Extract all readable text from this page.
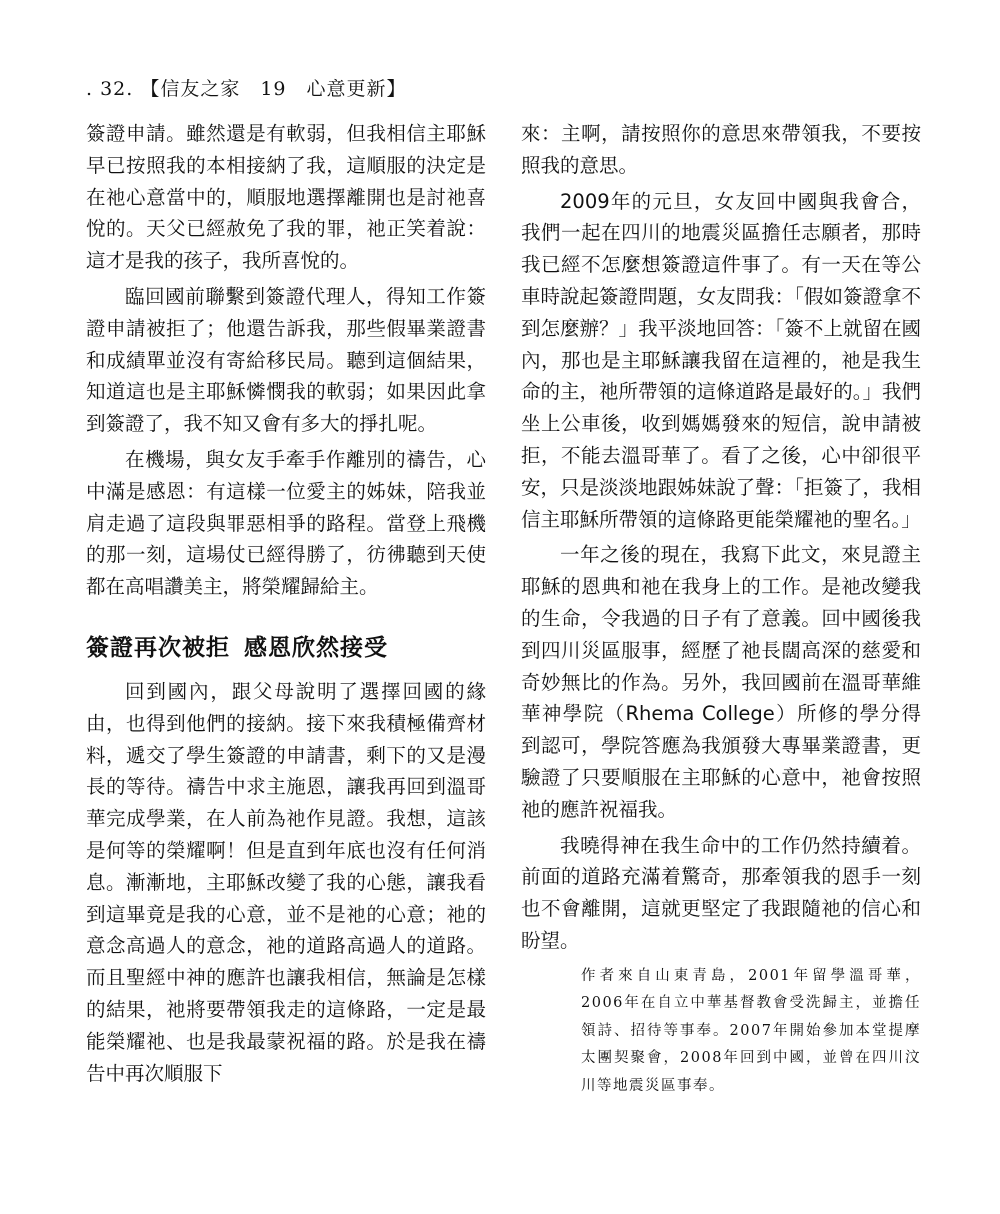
. 32. 【信友之家　19　心意更新】

簽證申請。雖然還是有軟弱，但我相信主耶穌早已按照我的本相接納了我，這順服的決定是在祂心意當中的，順服地選擇離開也是討祂喜悅的。天父已經赦免了我的罪，祂正笑着說：這才是我的孩子，我所喜悅的。

臨回國前聯繫到簽證代理人，得知工作簽證申請被拒了；他還告訴我，那些假畢業證書和成績單並沒有寄給移民局。聽到這個結果，知道這也是主耶穌憐憫我的軟弱；如果因此拿到簽證了，我不知又會有多大的掙扎呢。

在機場，與女友手牽手作離別的禱告，心中滿是感恩：有這樣一位愛主的姊妹，陪我並肩走過了這段與罪惡相爭的路程。當登上飛機的那一刻，這場仗已經得勝了，彷彿聽到天使都在高唱讚美主，將榮耀歸給主。

簽證再次被拒 感恩欣然接受

回到國內，跟父母說明了選擇回國的緣由，也得到他們的接納。接下來我積極備齊材料，遞交了學生簽證的申請書，剩下的又是漫長的等待。禱告中求主施恩，讓我再回到溫哥華完成學業，在人前為祂作見證。我想，這該是何等的榮耀啊！但是直到年底也沒有任何消息。漸漸地，主耶穌改變了我的心態，讓我看到這畢竟是我的心意，並不是祂的心意；祂的意念高過人的意念，祂的道路高過人的道路。而且聖經中神的應許也讓我相信，無論是怎樣的結果，祂將要帶領我走的這條路，一定是最能榮耀祂、也是我最蒙祝福的路。於是我在禱告中再次順服下

來：主啊，請按照你的意思來帶領我，不要按照我的意思。

2009年的元旦，女友回中國與我會合，我們一起在四川的地震災區擔任志願者，那時我已經不怎麼想簽證這件事了。有一天在等公車時說起簽證問題，女友問我：「假如簽證拿不到怎麼辦？」我平淡地回答：「簽不上就留在國內，那也是主耶穌讓我留在這裡的，祂是我生命的主，祂所帶領的這條道路是最好的。」我們坐上公車後，收到媽媽發來的短信，說申請被拒，不能去溫哥華了。看了之後，心中卻很平安，只是淡淡地跟姊妹說了聲：「拒簽了，我相信主耶穌所帶領的這條路更能榮耀祂的聖名。」

一年之後的現在，我寫下此文，來見證主耶穌的恩典和祂在我身上的工作。是祂改變我的生命，令我過的日子有了意義。回中國後我到四川災區服事，經歷了祂長闊高深的慈愛和奇妙無比的作為。另外，我回國前在溫哥華維華神學院（Rhema College）所修的學分得到認可，學院答應為我頒發大專畢業證書，更驗證了只要順服在主耶穌的心意中，祂會按照祂的應許祝福我。

我曉得神在我生命中的工作仍然持續着。前面的道路充滿着驚奇，那牽領我的恩手一刻也不會離開，這就更堅定了我跟隨祂的信心和盼望。

作者來自山東青島，2001年留學溫哥華，2006年在自立中華基督教會受洗歸主，並擔任領詩、招待等事奉。2007年開始參加本堂提摩太團契聚會，2008年回到中國，並曾在四川汶川等地震災區事奉。
